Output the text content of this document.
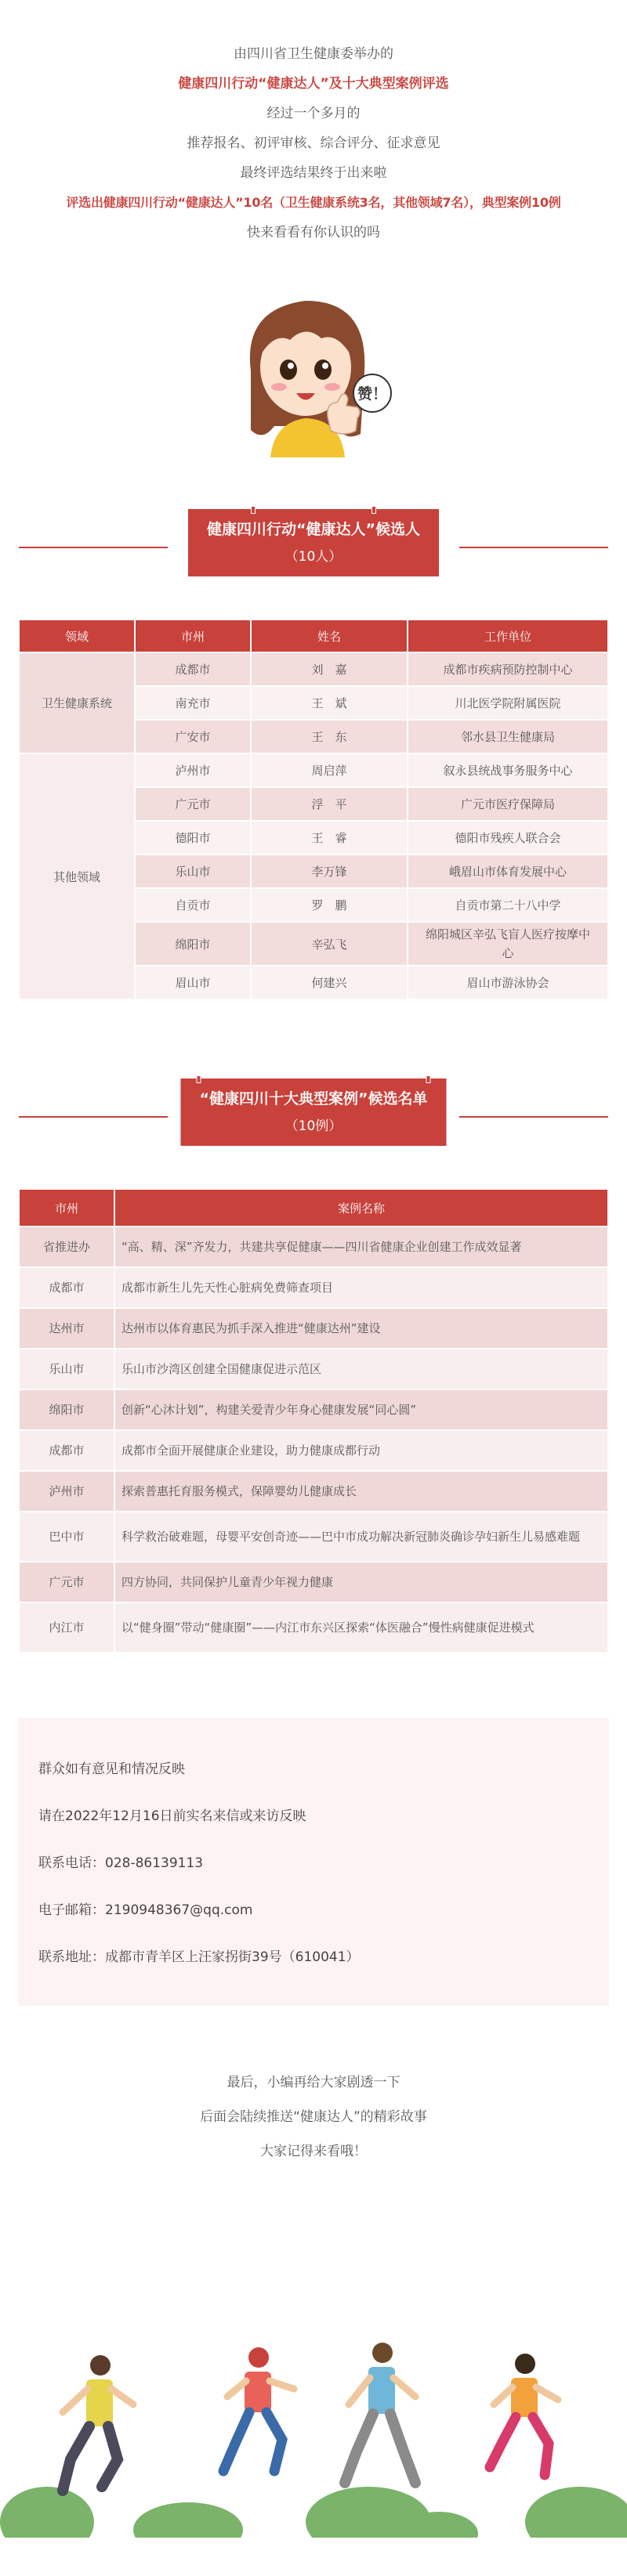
由四川省卫生健康委举办的

健康四川行动“健康达人”及十大典型案例评选

经过一个多月的

推荐报名、初评审核、综合评分、征求意见

最终评选结果终于出来啦

评选出健康四川行动“健康达人”10名（卫生健康系统3名，其他领域7名），典型案例10例

快来看看有你认识的吗

赞！
健康四川行动“健康达人”候选人
（10人）
领域	市州	姓名	工作单位
卫生健康系统	成都市	刘　嘉	成都市疾病预防控制中心
	南充市	王　斌	川北医学院附属医院
	广安市	王　东	邻水县卫生健康局
其他领域	泸州市	周启萍	叙永县统战事务服务中心
	广元市	浮　平	广元市医疗保障局
	德阳市	王　睿	德阳市残疾人联合会
	乐山市	李万锋	峨眉山市体育发展中心
	自贡市	罗　鹏	自贡市第二十八中学
	绵阳市	辛弘飞	绵阳城区辛弘飞盲人医疗按摩中心
	眉山市	何建兴	眉山市游泳协会
“健康四川十大典型案例”候选名单
（10例）
市州	案例名称
省推进办	“高、精、深”齐发力，共建共享促健康——四川省健康企业创建工作成效显著
成都市	成都市新生儿先天性心脏病免费筛查项目
达州市	达州市以体育惠民为抓手深入推进“健康达州”建设
乐山市	乐山市沙湾区创建全国健康促进示范区
绵阳市	创新“心沐计划”，构建关爱青少年身心健康发展“同心圆”
成都市	成都市全面开展健康企业建设，助力健康成都行动
泸州市	探索普惠托育服务模式，保障婴幼儿健康成长
巴中市	科学救治破难题，母婴平安创奇迹——巴中市成功解决新冠肺炎确诊孕妇新生儿易感难题
广元市	四方协同，共同保护儿童青少年视力健康
内江市	以“健身圈”带动“健康圈”——内江市东兴区探索“体医融合”慢性病健康促进模式

群众如有意见和情况反映

请在2022年12月16日前实名来信或来访反映

联系电话：028-86139113

电子邮箱：2190948367@qq.com

联系地址：成都市青羊区上汪家拐街39号（610041）

最后，小编再给大家剧透一下

后面会陆续推送“健康达人”的精彩故事

大家记得来看哦！
